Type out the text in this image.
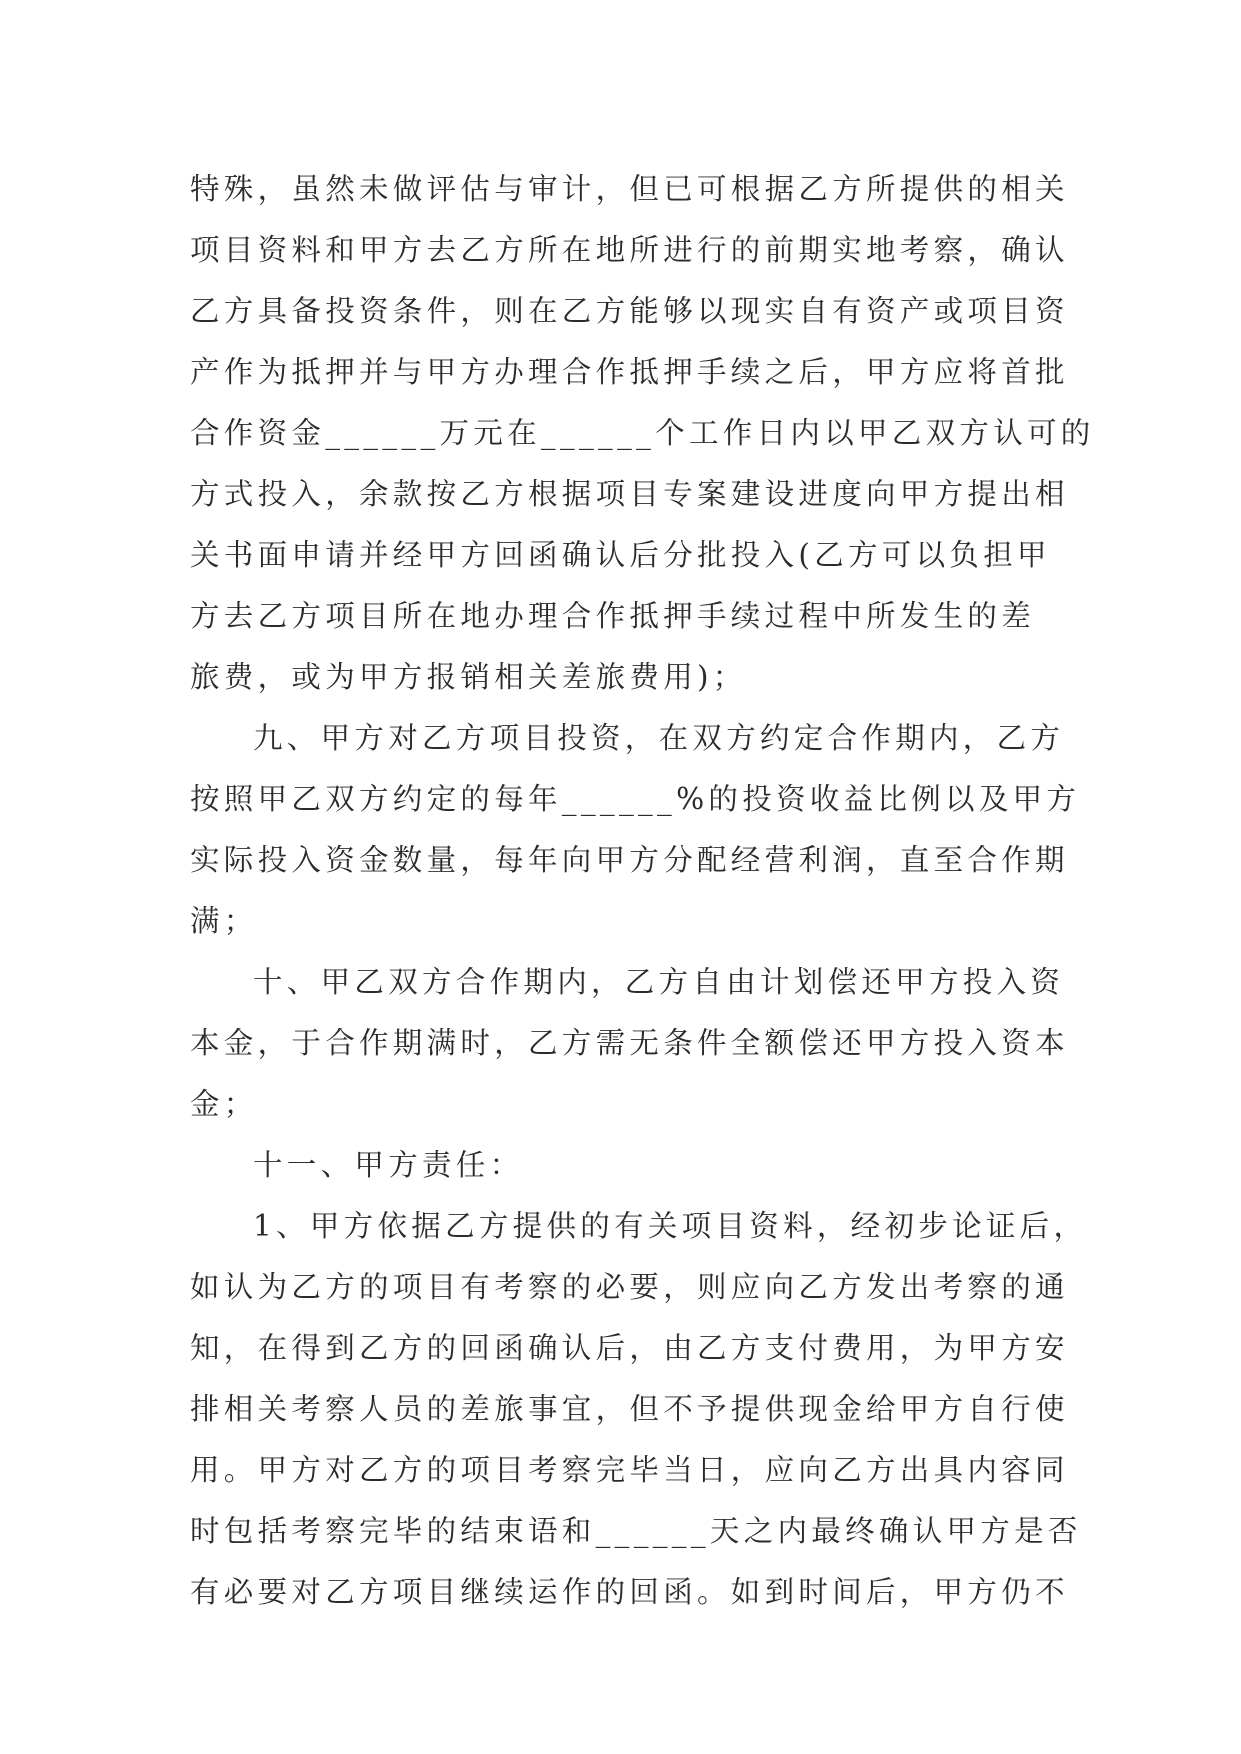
特殊，虽然未做评估与审计，但已可根据乙方所提供的相关
项目资料和甲方去乙方所在地所进行的前期实地考察，确认
乙方具备投资条件，则在乙方能够以现实自有资产或项目资
产作为抵押并与甲方办理合作抵押手续之后，甲方应将首批
合作资金______万元在______个工作日内以甲乙双方认可的
方式投入，余款按乙方根据项目专案建设进度向甲方提出相
关书面申请并经甲方回函确认后分批投入(乙方可以负担甲
方去乙方项目所在地办理合作抵押手续过程中所发生的差
旅费，或为甲方报销相关差旅费用)；
九、甲方对乙方项目投资，在双方约定合作期内，乙方
按照甲乙双方约定的每年______%的投资收益比例以及甲方
实际投入资金数量，每年向甲方分配经营利润，直至合作期
满；
十、甲乙双方合作期内，乙方自由计划偿还甲方投入资
本金，于合作期满时，乙方需无条件全额偿还甲方投入资本
金；
十一、甲方责任：
1、甲方依据乙方提供的有关项目资料，经初步论证后，
如认为乙方的项目有考察的必要，则应向乙方发出考察的通
知，在得到乙方的回函确认后，由乙方支付费用，为甲方安
排相关考察人员的差旅事宜，但不予提供现金给甲方自行使
用。甲方对乙方的项目考察完毕当日，应向乙方出具内容同
时包括考察完毕的结束语和______天之内最终确认甲方是否
有必要对乙方项目继续运作的回函。如到时间后，甲方仍不
